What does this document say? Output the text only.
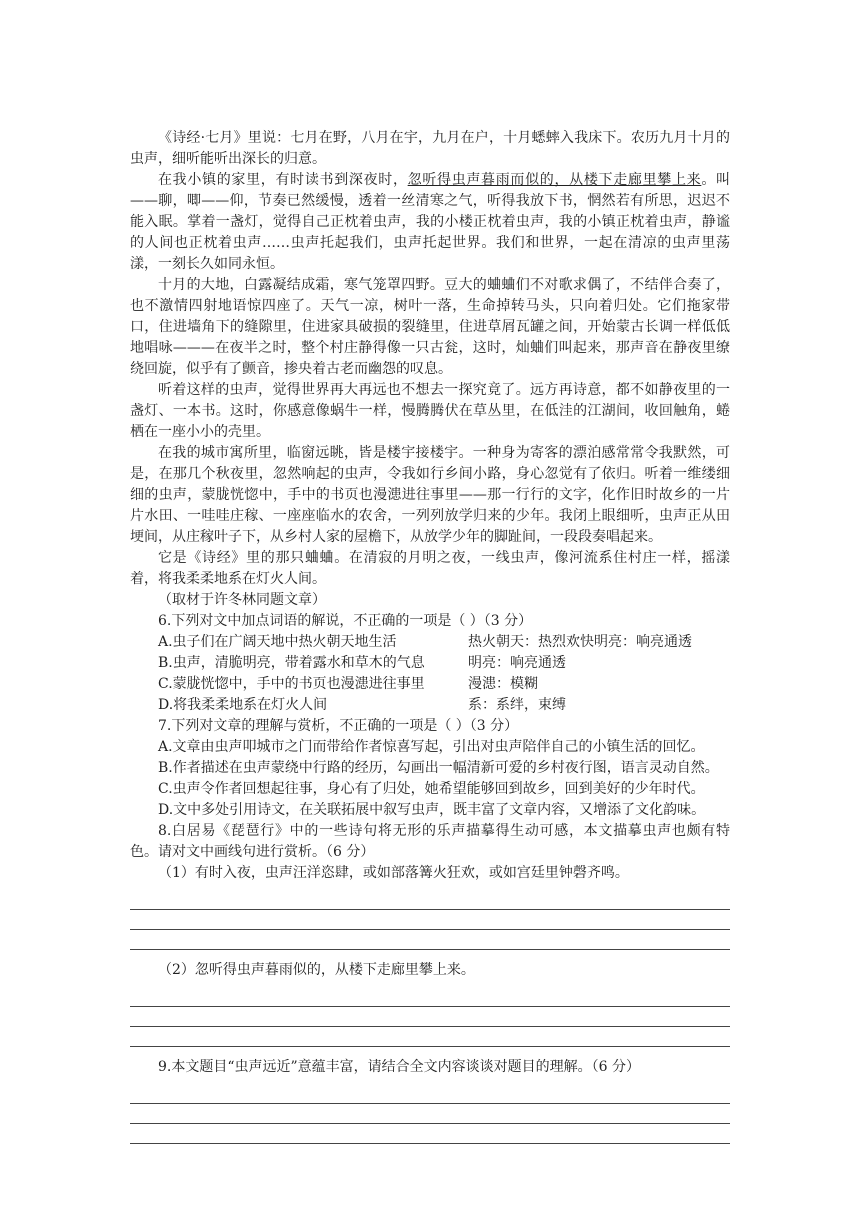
《诗经·七月》里说：七月在野，八月在宇，九月在户，十月蟋蟀入我床下。农历九月十月的虫声，细听能听出深长的归意。

在我小镇的家里，有时读书到深夜时，忽听得虫声暮雨而似的，从楼下走廊里攀上来。叫——聊，唧——仰，节奏已然缓慢，透着一丝清寒之气，听得我放下书，惘然若有所思，迟迟不能入眠。掌着一盏灯，觉得自己正枕着虫声，我的小楼正枕着虫声，我的小镇正枕着虫声，静谧的人间也正枕着虫声……虫声托起我们，虫声托起世界。我们和世界，一起在清凉的虫声里荡漾，一刻长久如同永恒。

十月的大地，白露凝结成霜，寒气笼罩四野。豆大的蛐蛐们不对歌求偶了，不结伴合奏了，也不激情四射地语惊四座了。天气一凉，树叶一落，生命掉转马头，只向着归处。它们拖家带口，住进墙角下的缝隙里，住进家具破损的裂缝里，住进草屑瓦罐之间，开始蒙古长调一样低低地唱咏———在夜半之时，整个村庄静得像一只古瓮，这时，灿蛐们叫起来，那声音在静夜里缭绕回旋，似乎有了颤音，掺央着古老而幽怨的叹息。

听着这样的虫声，觉得世界再大再远也不想去一探究竟了。远方再诗意，都不如静夜里的一盏灯、一本书。这时，你感意像蜗牛一样，慢腾腾伏在草丛里，在低洼的江湖间，收回触角，蜷栖在一座小小的壳里。

在我的城市寓所里，临窗远眺，皆是楼宇接楼宇。一种身为寄客的漂泊感常常令我默然，可是，在那几个秋夜里，忽然响起的虫声，令我如行乡间小路，身心忽觉有了依归。听着一维缕细细的虫声，蒙胧恍惚中，手中的书页也漫漶进往事里——那一行行的文字，化作旧时故乡的一片片水田、一哇哇庄稼、一座座临水的农舍，一列列放学归来的少年。我闭上眼细听，虫声正从田埂间，从庄稼叶子下，从乡村人家的屋檐下，从放学少年的脚趾间，一段段奏唱起来。

它是《诗经》里的那只蛐蛐。在清寂的月明之夜，一线虫声，像河流系住村庄一样，摇漾着，将我柔柔地系在灯火人间。

（取材于许冬林同题文章）

6.下列对文中加点词语的解说，不正确的一项是（ ）（3 分）

A.虫子们在广阔天地中热火朝天地生活	热火朝天：热烈欢快明亮：响亮通透
B.虫声，清脆明亮，带着露水和草木的气息	明亮：响亮通透
C.蒙胧恍惚中，手中的书页也漫漶进往事里	漫漶：模糊
D.将我柔柔地系在灯火人间	系：系绊，束缚

7.下列对文章的理解与赏析，不正确的一项是（ ）（3 分）

A.文章由虫声叩城市之门而带给作者惊喜写起，引出对虫声陪伴自己的小镇生活的回忆。

B.作者描述在虫声蒙绕中行路的经历，勾画出一幅清新可爱的乡村夜行图，语言灵动自然。

C.虫声令作者回想起往事，身心有了归处，她希望能够回到故乡，回到美好的少年时代。

D.文中多处引用诗文，在关联拓展中叙写虫声，既丰富了文章内容，又增添了文化韵味。

8.白居易《琵琶行》中的一些诗句将无形的乐声描摹得生动可感，本文描摹虫声也颇有特色。请对文中画线句进行赏析。（6 分）

（1）有时入夜，虫声汪洋恣肆，或如部落篝火狂欢，或如宫廷里钟磬齐鸣。

（2）忽听得虫声暮雨似的，从楼下走廊里攀上来。

9.本文题目“虫声远近”意蕴丰富，请结合全文内容谈谈对题目的理解。（6 分）
